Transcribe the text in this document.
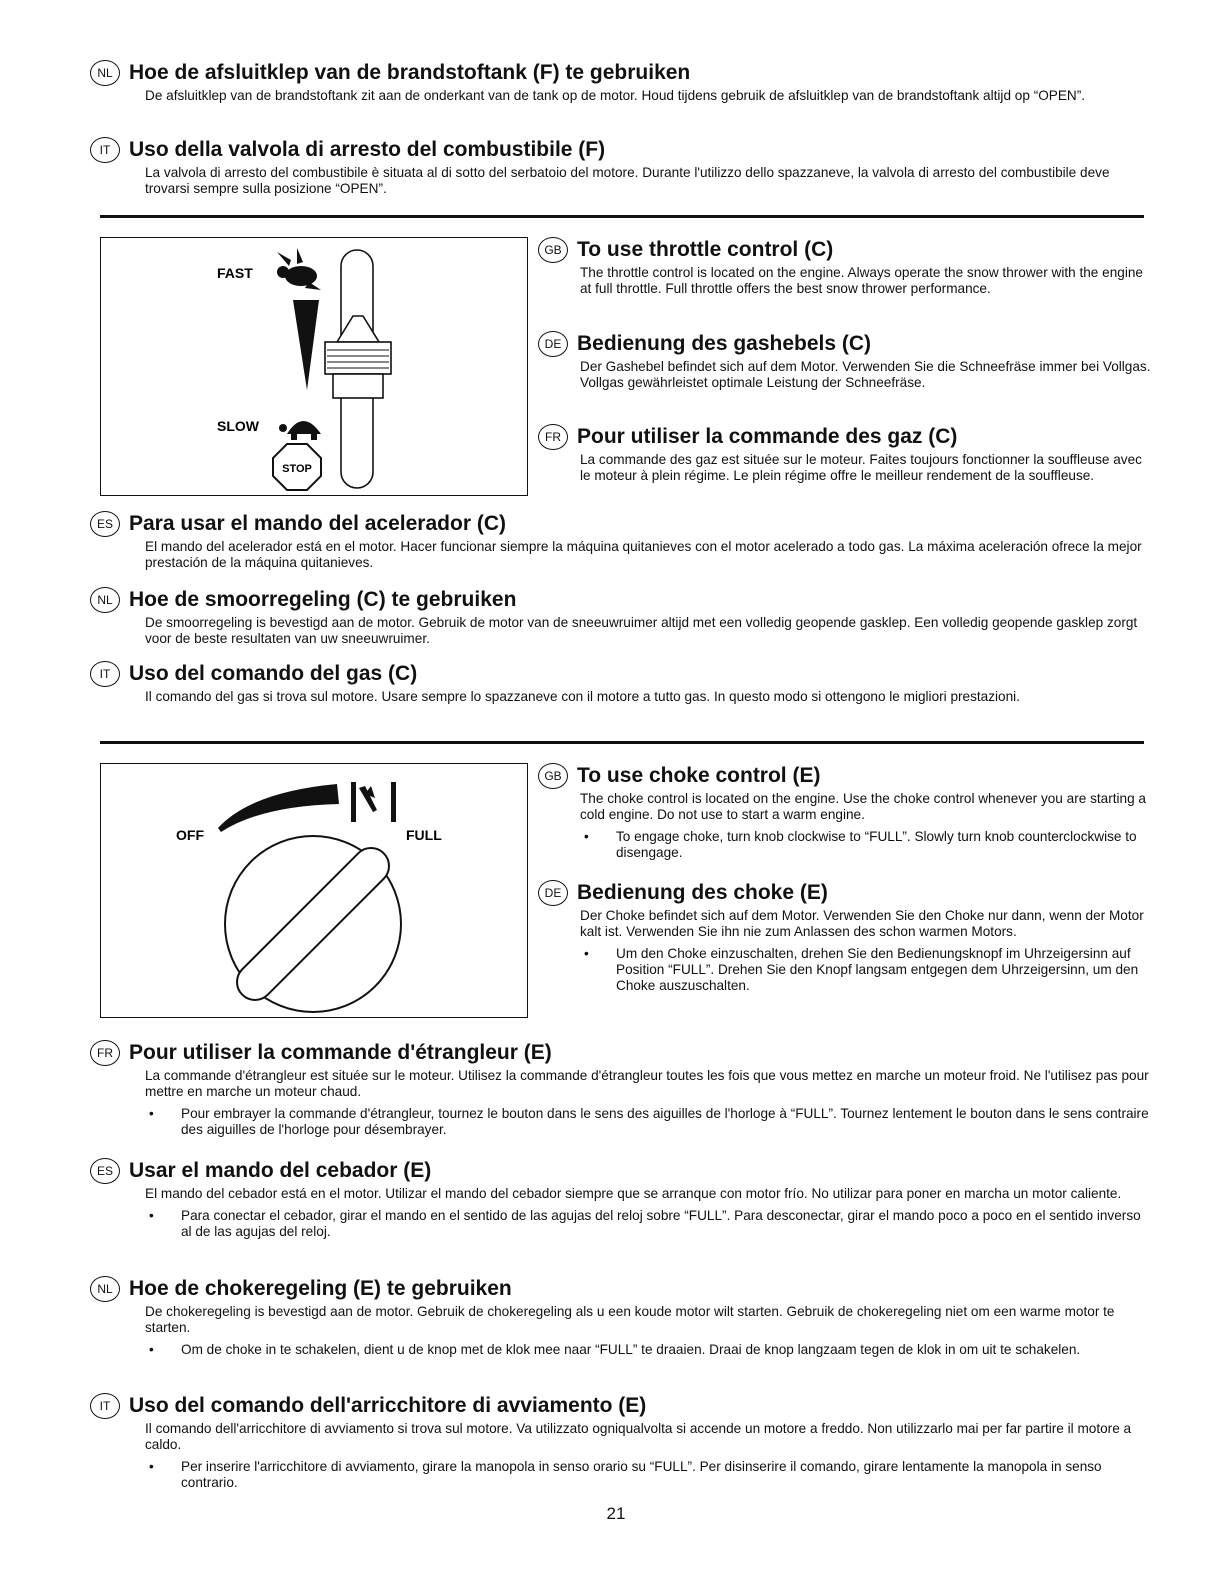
NL Hoe de afsluitklep van de brandstoftank (F) te gebruiken

De afsluitklep van de brandstoftank zit aan de onderkant van de tank op de motor. Houd tijdens gebruik de afsluitklep van de brandstoftank altijd op “OPEN”.

IT Uso della valvola di arresto del combustibile (F)

La valvola di arresto del combustibile è situata al di sotto del serbatoio del motore. Durante l'utilizzo dello spazzaneve, la valvola di arresto del combustibile deve trovarsi sempre sulla posizione “OPEN”.

FAST
SLOW
STOP
GB To use throttle control (C)

The throttle control is located on the engine. Always operate the snow thrower with the engine at full throttle. Full throttle offers the best snow thrower performance.

DE Bedienung des gashebels (C)

Der Gashebel befindet sich auf dem Motor. Verwenden Sie die Schneefräse immer bei Vollgas. Vollgas gewährleistet optimale Leistung der Schneefräse.

FR Pour utiliser la commande des gaz (C)

La commande des gaz est située sur le moteur. Faites toujours fonctionner la souffleuse avec le moteur à plein régime. Le plein régime offre le meilleur rendement de la souffleuse.

ES Para usar el mando del acelerador (C)

El mando del acelerador está en el motor. Hacer funcionar siempre la máquina quitanieves con el motor acelerado a todo gas. La máxima aceleración ofrece la mejor prestación de la máquina quitanieves.

NL Hoe de smoorregeling (C) te gebruiken

De smoorregeling is bevestigd aan de motor. Gebruik de motor van de sneeuwruimer altijd met een volledig geopende gasklep. Een volledig geopende gasklep zorgt voor de beste resultaten van uw sneeuwruimer.

IT Uso del comando del gas (C)

Il comando del gas si trova sul motore. Usare sempre lo spazzaneve con il motore a tutto gas. In questo modo si ottengono le migliori prestazioni.

OFF	FULL
GB To use choke control (E)

The choke control is located on the engine. Use the choke control whenever you are starting a cold engine. Do not use to start a warm engine.

•	To engage choke, turn knob clockwise to “FULL”. Slowly turn knob counterclockwise to disengage.
DE Bedienung des choke (E)

Der Choke befindet sich auf dem Motor. Verwenden Sie den Choke nur dann, wenn der Motor kalt ist. Verwenden Sie ihn nie zum Anlassen des schon warmen Motors.

•	Um den Choke einzuschalten, drehen Sie den Bedienungsknopf im Uhrzeigersinn auf Position “FULL”. Drehen Sie den Knopf langsam entgegen dem Uhrzeigersinn, um den Choke auszuschalten.
FR Pour utiliser la commande d'étrangleur (E)

La commande d'étrangleur est située sur le moteur. Utilisez la commande d'étrangleur toutes les fois que vous mettez en marche un moteur froid. Ne l'utilisez pas pour mettre en marche un moteur chaud.

•	Pour embrayer la commande d'étrangleur, tournez le bouton dans le sens des aiguilles de l'horloge à “FULL”. Tournez lentement le bouton dans le sens contraire des aiguilles de l'horloge pour désembrayer.
ES Usar el mando del cebador (E)

El mando del cebador está en el motor. Utilizar el mando del cebador siempre que se arranque con motor frío. No utilizar para poner en marcha un motor caliente.

•	Para conectar el cebador, girar el mando en el sentido de las agujas del reloj sobre “FULL”. Para desconectar, girar el mando poco a poco en el sentido inverso al de las agujas del reloj.
NL Hoe de chokeregeling (E) te gebruiken

De chokeregeling is bevestigd aan de motor. Gebruik de chokeregeling als u een koude motor wilt starten. Gebruik de chokeregeling niet om een warme motor te starten.

•	Om de choke in te schakelen, dient u de knop met de klok mee naar “FULL” te draaien. Draai de knop langzaam tegen de klok in om uit te schakelen.
IT Uso del comando dell'arricchitore di avviamento (E)

Il comando dell'arricchitore di avviamento si trova sul motore. Va utilizzato ogniqualvolta si accende un motore a freddo. Non utilizzarlo mai per far partire il motore a caldo.

•	Per inserire l'arricchitore di avviamento, girare la manopola in senso orario su “FULL”. Per disinserire il comando, girare lentamente la manopola in senso contrario.
21
